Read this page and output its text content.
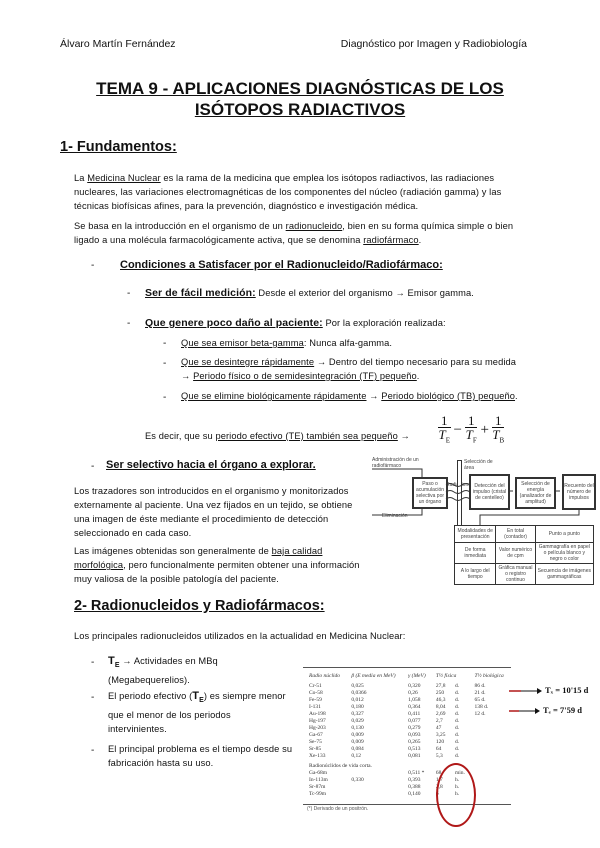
Álvaro Martín Fernández	Diagnóstico por Imagen y Radiobiología
TEMA 9 - APLICACIONES DIAGNÓSTICAS DE LOS ISÓTOPOS RADIACTIVOS
1- Fundamentos:
La Medicina Nuclear es la rama de la medicina que emplea los isótopos radiactivos, las radiaciones nucleares, las variaciones electromagnéticas de los componentes del núcleo (radiación gamma) y las técnicas biofísicas afines, para la prevención, diagnóstico e investigación médica.
Se basa en la introducción en el organismo de un radionucleido, bien en su forma química simple o bien ligado a una molécula farmacológicamente activa, que se denomina radiofármaco.
- Condiciones a Satisfacer por el Radionucleido/Radiofármaco:
- Ser de fácil medición: Desde el exterior del organismo → Emisor gamma.
- Que genere poco daño al paciente: Por la exploración realizada:
- Que sea emisor beta-gamma: Nunca alfa-gamma.
- Que se desintegre rápidamente → Dentro del tiempo necesario para su medida → Periodo físico o de semidesintegración (TF) pequeño.
- Que se elimine biológicamente rápidamente → Periodo biológico (TB) pequeño.
Es decir, que su periodo efectivo (TE) también sea pequeño → $\frac{1}{T_E} - \frac{1}{T_F} + \frac{1}{T_B}$
- Ser selectivo hacia el órgano a explorar.
Los trazadores son introducidos en el organismo y monitorizados externamente al paciente. Una vez fijados en un tejido, se obtiene una imagen de éste mediante el procedimiento de detección seleccionado en cada caso.
Las imágenes obtenidas son generalmente de baja calidad morfológica, pero funcionalmente permiten obtener una información muy valiosa de la posible patología del paciente.
Administración de un radiofármaco
Eliminación
Selección de área
Paso o acumulación selectiva por un órgano
Detección del impulso (cristal de centelleo)
Selección de energía (analizador de amplitud)
Recuento del número de impulsos
Modalidades de presentación	En total (contador)	Punto a punto
De forma inmediata	Valor numérico de cpm	Gammagrafía en papel o película blanco y negro o color
A lo largo del tiempo	Gráfica manual o registro continuo	Secuencia de imágenes gammagráficas
2- Radionucleidos y Radiofármacos:
Los principales radionucleidos utilizados en la actualidad en Medicina Nuclear:
- $T_E$ → Actividades en MBq (Megabequerelios).
- El periodo efectivo $(T_E)$ es siempre menor que el menor de los periodos intervinientes.
- El principal problema es el tiempo desde su fabricación hasta su uso.
Radio núclido	β (E media en MeV)	γ (MeV)	T½ física		T½ biológica
Cr-51	0,025	0,320	27,8	d.	86 d.
Co-58	0,0366	0,26	250	d.	21 d.
Fe-59	0,012	1,058	46,3	d.	65 d.
I-131	0,180	0,364	8,04	d.	138 d.
Au-198	0,327	0,411	2,69	d.	12 d.
Hg-197	0,029	0,077	2,7	d.	
Hg-203	0,130	0,279	47	d.	
Ga-67	0,009	0,093	3,25	d.	
Se-75	0,009	0,265	120	d.	
Sr-85	0,084	0,513	64	d.	
Xe-133	0,12	0,081	5,3	d.	
Radionúclidos de vida corta.					
Ga-68m		0,511 *	68	min.	
In-113m	0,330	0,393	1,7	h.	
Sr-87m		0,388	2,8	h.	
Tc-99m		0,140	6	h.	
(*) Derivado de un positrón.
Tₓ = 10'15 d
Tₑ = 7'59 d
